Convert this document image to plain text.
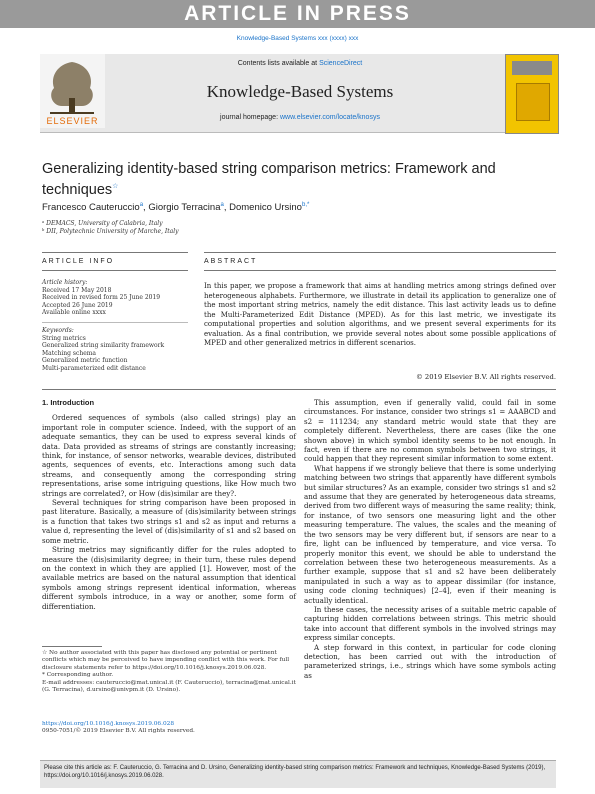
ARTICLE IN PRESS
Knowledge-Based Systems xxx (xxxx) xxx
ELSEVIER
Contents lists available at ScienceDirect
Knowledge-Based Systems
journal homepage: www.elsevier.com/locate/knosys
Generalizing identity-based string comparison metrics: Framework and techniques☆
Francesco Cauteruccio$^a$, Giorgio Terracina$^a$, Domenico Ursino$^{b,*}$
ᵃ DEMACS, University of Calabria, Italy
ᵇ DII, Polytechnic University of Marche, Italy
ARTICLE INFO	ABSTRACT
Article history:
Received 17 May 2018
Received in revised form 25 June 2019
Accepted 26 June 2019
Available online xxxx
Keywords:
String metrics
Generalized string similarity framework
Matching schema
Generalized metric function
Multi-parameterized edit distance
In this paper, we propose a framework that aims at handling metrics among strings defined over heterogeneous alphabets. Furthermore, we illustrate in detail its application to generalize one of the most important string metrics, namely the edit distance. This last activity leads us to define the Multi-Parameterized Edit Distance (MPED). As for this last metric, we investigate its computational properties and solution algorithms, and we present several experiments for its evaluation. As a final contribution, we provide several notes about some possible applications of MPED and other generalized metrics in different scenarios.
© 2019 Elsevier B.V. All rights reserved.
1. Introduction

Ordered sequences of symbols (also called strings) play an important role in computer science. Indeed, with the support of an adequate semantics, they can be used to express several kinds of data. Data provided as streams of strings are constantly increasing; think, for instance, of sensor networks, wearable devices, distributed agents, sequences of events, etc. Interactions among such data streams, and consequently among the corresponding string representations, arise some intriguing questions, like How much two strings are correlated?, or How (dis)similar are they?.

Several techniques for string comparison have been proposed in past literature. Basically, a measure of (dis)similarity between strings is a function that takes two strings s1 and s2 as input and returns a value d, representing the level of (dis)similarity of s1 and s2 based on some metric.

String metrics may significantly differ for the rules adopted to measure the (dis)similarity degree; in their turn, these rules depend on the context in which they are applied [1]. However, most of the available metrics are based on the natural assumption that identical symbols among strings represent identical information, whereas different symbols introduce, in a way or another, some form of differentiation.

☆ No author associated with this paper has disclosed any potential or pertinent conflicts which may be perceived to have impending conflict with this work. For full disclosure statements refer to https://doi.org/10.1016/j.knosys.2019.06.028.
* Corresponding author.
E-mail addresses: cauteruccio@mat.unical.it (F. Cauteruccio), terracina@mat.unical.it (G. Terracina), d.ursino@univpm.it (D. Ursino).
https://doi.org/10.1016/j.knosys.2019.06.028
0950-7051/© 2019 Elsevier B.V. All rights reserved.

This assumption, even if generally valid, could fail in some circumstances. For instance, consider two strings s1 = AAABCD and s2 = 111234; any standard metric would state that they are completely different. Nevertheless, there are cases (like the one shown above) in which symbol identity seems to be not enough. In fact, even if there are no common symbols between two strings, it could happen that they represent similar information to some extent.

What happens if we strongly believe that there is some underlying matching between two strings that apparently have different symbols but similar structures? As an example, consider two strings s1 and s2 and assume that they are generated by heterogeneous data streams, derived from two different ways of measuring the same reality; think, for instance, of two sensors one measuring light and the other measuring temperature. The values, the scales and the meaning of the two sensors may be very different but, if sensors are near to a fire, light can be influenced by temperature, and vice versa. To properly monitor this event, we should be able to understand the correlation between these two heterogeneous measurements. As a further example, suppose that s1 and s2 have been deliberately manipulated in such a way as to appear dissimilar (for instance, using code cloning techniques) [2–4], even if their meaning is actually identical.

In these cases, the necessity arises of a suitable metric capable of capturing hidden correlations between strings. This metric should take into account that different symbols in the involved strings may express similar concepts.

A step forward in this context, in particular for code cloning detection, has been carried out with the introduction of parameterized strings, i.e., strings which have some symbols acting as

Please cite this article as: F. Cauteruccio, G. Terracina and D. Ursino, Generalizing identity-based string comparison metrics: Framework and techniques, Knowledge-Based Systems (2019), https://doi.org/10.1016/j.knosys.2019.06.028.
